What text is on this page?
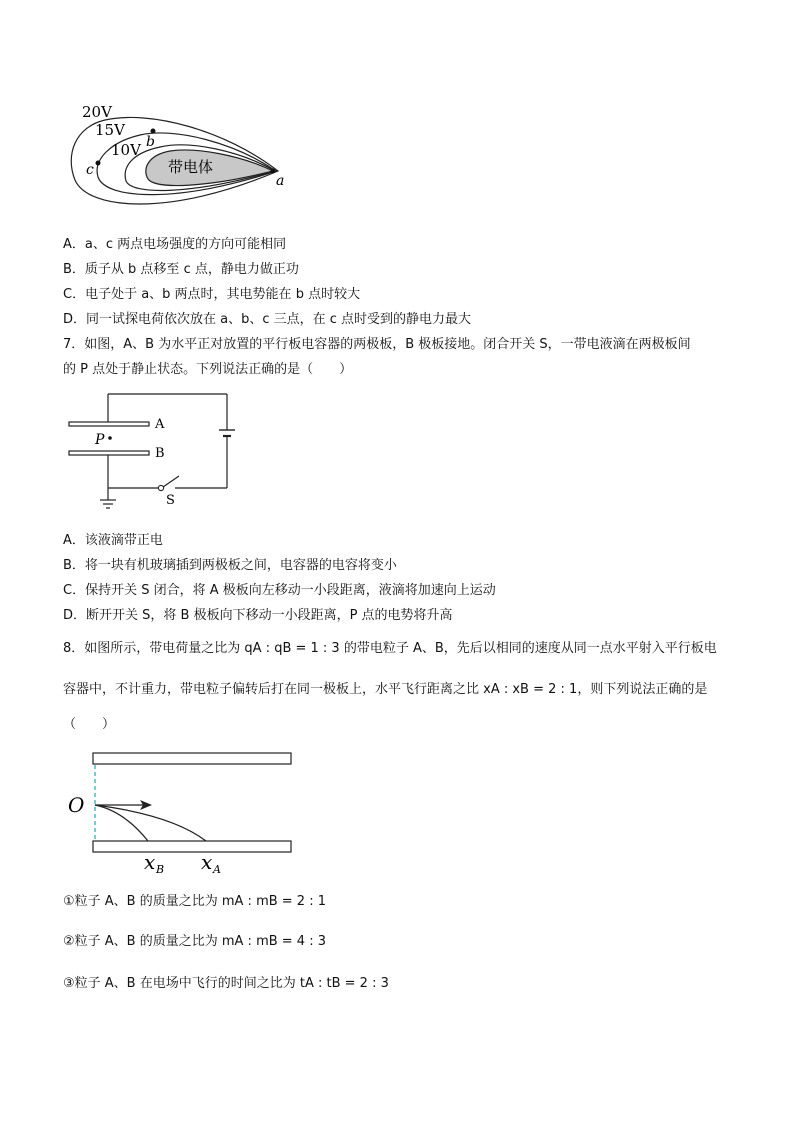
20V
15V
10V
带电体
a
b
c
A．a、c 两点电场强度的方向可能相同
B．质子从 b 点移至 c 点，静电力做正功
C．电子处于 a、b 两点时，其电势能在 b 点时较大
D．同一试探电荷依次放在 a、b、c 三点，在 c 点时受到的静电力最大
7．如图，A、B 为水平正对放置的平行板电容器的两极板，B 极板接地。闭合开关 S，一带电液滴在两极板间
的 P 点处于静止状态。下列说法正确的是（　　）
A
B
P
S
A．该液滴带正电
B．将一块有机玻璃插到两极板之间，电容器的电容将变小
C．保持开关 S 闭合，将 A 极板向左移动一小段距离，液滴将加速向上运动
D．断开开关 S，将 B 极板向下移动一小段距离，P 点的电势将升高
8．如图所示，带电荷量之比为 qA : qB = 1 : 3 的带电粒子 A、B，先后以相同的速度从同一点水平射入平行板电
容器中，不计重力，带电粒子偏转后打在同一极板上，水平飞行距离之比 xA : xB = 2 : 1，则下列说法正确的是
（　　）
O
x B x A
①粒子 A、B 的质量之比为 mA : mB = 2 : 1
②粒子 A、B 的质量之比为 mA : mB = 4 : 3
③粒子 A、B 在电场中飞行的时间之比为 tA : tB = 2 : 3
